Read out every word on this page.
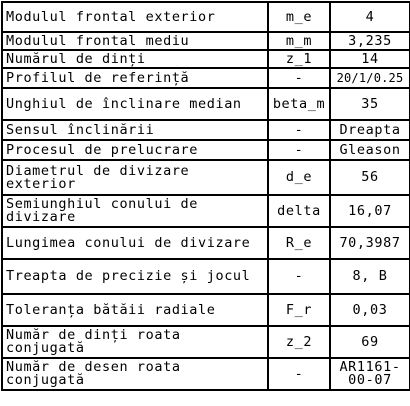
Modulul frontal exterior	m_e	4
Modulul frontal mediu	m_m	3,235
Numărul de dinți	z_1	14
Profilul de referință	-	20/1/0.25
Unghiul de înclinare median	beta_m	35
Sensul înclinării	-	Dreapta
Procesul de prelucrare	-	Gleason
Diametrul de divizare exterior	d_e	56
Semiunghiul conului de divizare	delta	16,07
Lungimea conului de divizare	R_e	70,3987
Treapta de precizie și jocul	-	8, B
Toleranța bătăii radiale	F_r	0,03
Număr de dinți roata conjugată	z_2	69
Număr de desen roata conjugată	-	AR1161-00-07
